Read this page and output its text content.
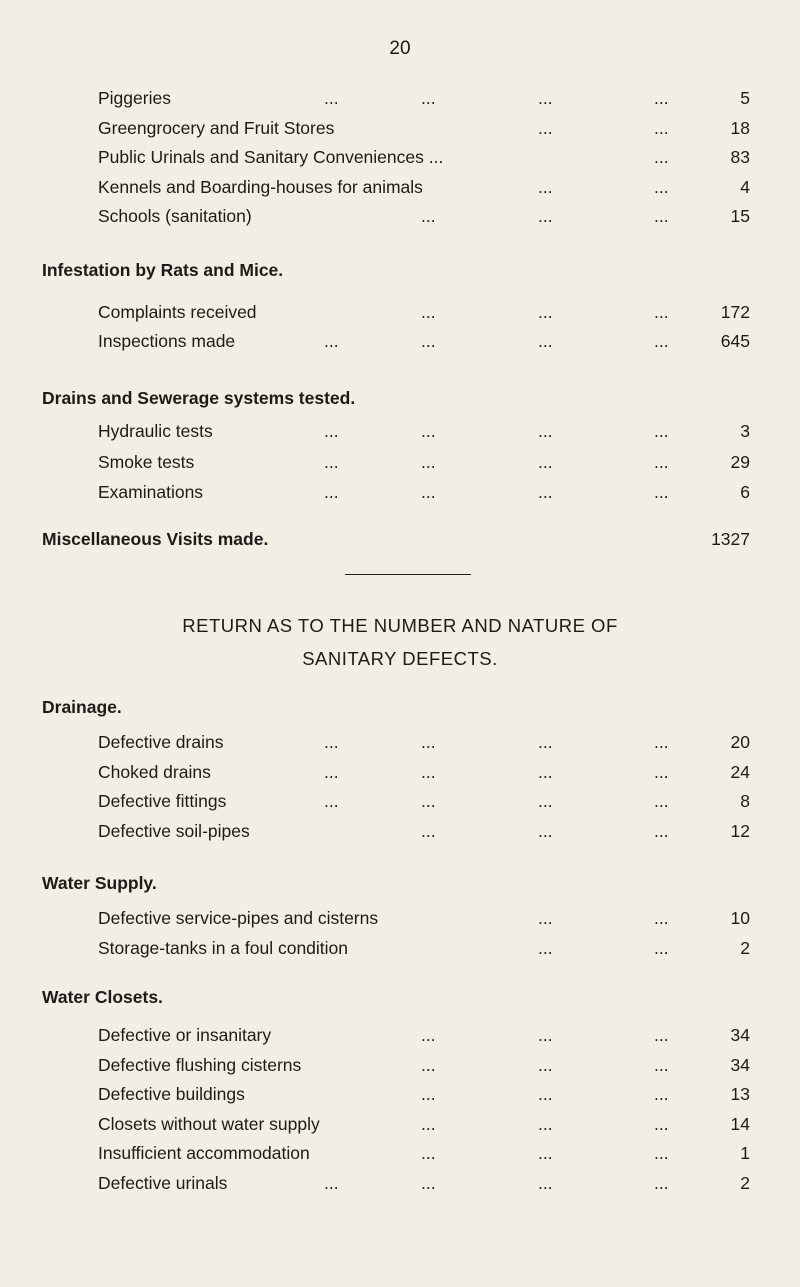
20
Piggeries	...	...	...	...	5
Greengrocery and Fruit Stores	...	...	18
Public Urinals and Sanitary Conveniences ...	...	83
Kennels and Boarding-houses for animals	...	...	4
Schools (sanitation)	...	...	...	15
Infestation by Rats and Mice.
Complaints received	...	...	...	172
Inspections made	...	...	...	...	645
Drains and Sewerage systems tested.
Hydraulic tests	...	...	...	...	3
Smoke tests	...	...	...	...	29
Examinations	...	...	...	...	6
Miscellaneous Visits made.	1327
RETURN AS TO THE NUMBER AND NATURE OF
SANITARY DEFECTS.
Drainage.
Defective drains	...	...	...	...	20
Choked drains	...	...	...	...	24
Defective fittings	...	...	...	...	8
Defective soil-pipes	...	...	...	12
Water Supply.
Defective service-pipes and cisterns	...	...	10
Storage-tanks in a foul condition	...	...	2
Water Closets.
Defective or insanitary	...	...	...	34
Defective flushing cisterns	...	...	...	34
Defective buildings	...	...	...	13
Closets without water supply	...	...	...	14
Insufficient accommodation	...	...	...	1
Defective urinals	...	...	...	...	2
